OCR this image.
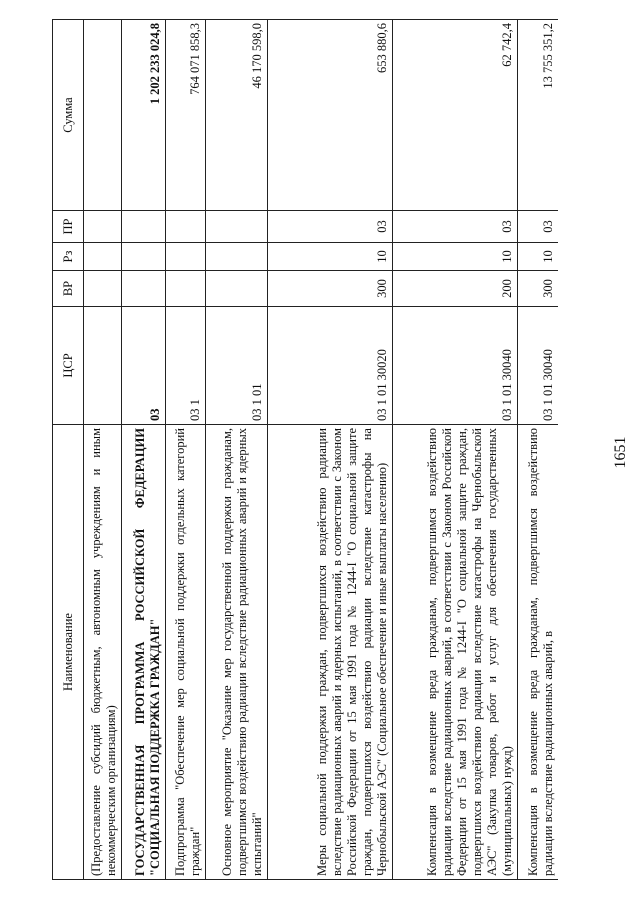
1651
Наименование	ЦСР	ВР	Рз	ПР	Сумма
(Предоставление субсидий бюджетным, автономным учреждениям и иным некоммерческим организациям)					
ГОСУДАРСТВЕННАЯ ПРОГРАММА РОССИЙСКОЙ ФЕДЕРАЦИИ "СОЦИАЛЬНАЯ ПОДДЕРЖКА ГРАЖДАН"	03				1 202 233 024,8
Подпрограмма "Обеспечение мер социальной поддержки отдельных категорий граждан"	03 1				764 071 858,3
Основное мероприятие "Оказание мер государственной поддержки гражданам, подвергшимся воздействию радиации вследствие радиационных аварий и ядерных испытаний"	03 1 01				46 170 598,0
Меры социальной поддержки граждан, подвергшихся воздействию радиации вследствие радиационных аварий и ядерных испытаний, в соответствии с Законом Российской Федерации от 15 мая 1991 года № 1244-I "О социальной защите граждан, подвергшихся воздействию радиации вследствие катастрофы на Чернобыльской АЭС" (Социальное обеспечение и иные выплаты населению)	03 1 01 30020	300	10	03	653 880,6
Компенсация в возмещение вреда гражданам, подвергшимся воздействию радиации вследствие радиационных аварий, в соответствии с Законом Российской Федерации от 15 мая 1991 года № 1244-I "О социальной защите граждан, подвергшихся воздействию радиации вследствие катастрофы на Чернобыльской АЭС" (Закупка товаров, работ и услуг для обеспечения государственных (муниципальных) нужд)	03 1 01 30040	200	10	03	62 742,4
Компенсация в возмещение вреда гражданам, подвергшимся воздействию радиации вследствие радиационных аварий, в	03 1 01 30040	300	10	03	13 755 351,2
